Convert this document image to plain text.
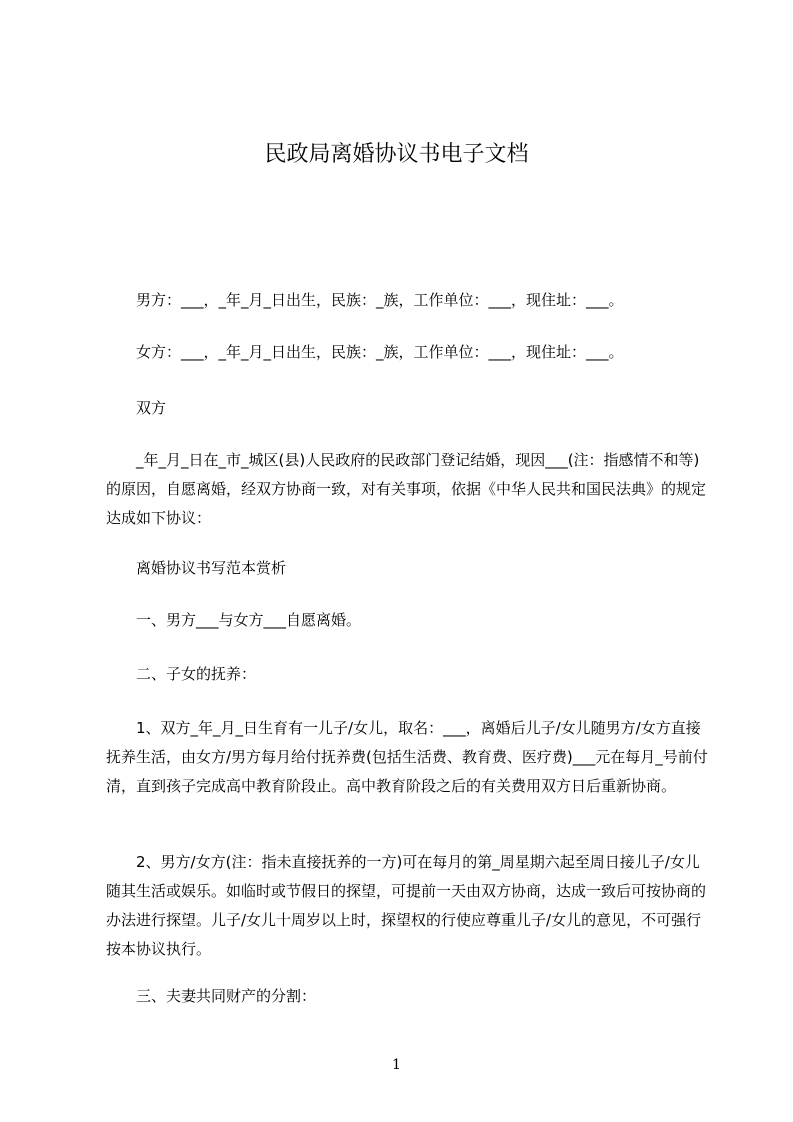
民政局离婚协议书电子文档

男方：___，_年_月_日出生，民族：_族，工作单位：___，现住址：___。

女方：___，_年_月_日出生，民族：_族，工作单位：___，现住址：___。

双方

_年_月_日在_市_城区(县)人民政府的民政部门登记结婚，现因___(注：指感情不和等)的原因，自愿离婚，经双方协商一致，对有关事项，依据《中华人民共和国民法典》的规定达成如下协议：

离婚协议书写范本赏析

一、男方___与女方___自愿离婚。

二、子女的抚养：

1、双方_年_月_日生育有一儿子/女儿，取名：___，离婚后儿子/女儿随男方/女方直接抚养生活，由女方/男方每月给付抚养费(包括生活费、教育费、医疗费)___元在每月_号前付清，直到孩子完成高中教育阶段止。高中教育阶段之后的有关费用双方日后重新协商。

2、男方/女方(注：指未直接抚养的一方)可在每月的第_周星期六起至周日接儿子/女儿随其生活或娱乐。如临时或节假日的探望，可提前一天由双方协商，达成一致后可按协商的办法进行探望。儿子/女儿十周岁以上时，探望权的行使应尊重儿子/女儿的意见，不可强行按本协议执行。

三、夫妻共同财产的分割：

1
